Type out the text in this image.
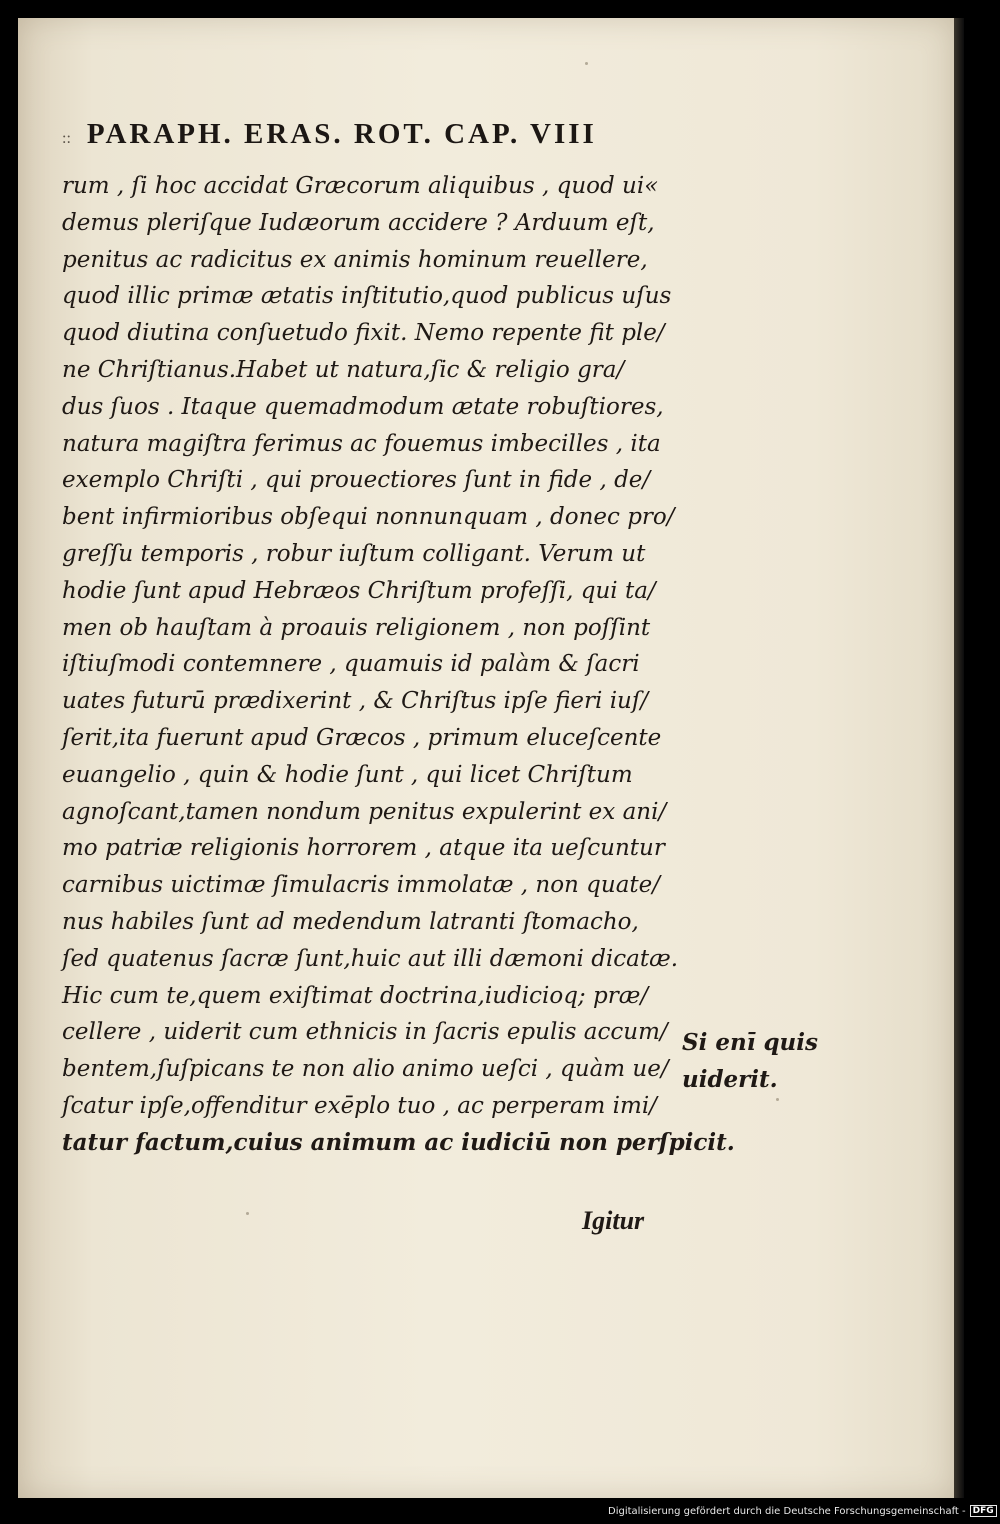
:: PARAPH. ERAS. ROT. CAP. VIII
rum , ſi hoc accidat Græcorum aliquibus , quod ui«
demus pleriſque Iudæorum accidere ? Arduum eſt,
penitus ac radicitus ex animis hominum reuellere,
quod illic primæ ætatis inſtitutio,quod publicus uſus
quod diutina conſuetudo fixit. Nemo repente fit ple/
ne Chriſtianus.Habet ut natura,ſic & religio gra/
dus ſuos . Itaque quemadmodum ætate robuſtiores,
natura magiſtra ferimus ac fouemus imbecilles , ita
exemplo Chriſti , qui prouectiores ſunt in fide , de/
bent infirmioribus obſequi nonnunquam , donec pro/
greſſu temporis , robur iuſtum colligant. Verum ut
hodie ſunt apud Hebræos Chriſtum profeſſi, qui ta/
men ob hauſtam à proauis religionem , non poſſint
iſtiuſmodi contemnere , quamuis id palàm & ſacri
uates futurū prædixerint , & Chriſtus ipſe fieri iuſ/
ſerit,ita fuerunt apud Græcos , primum eluceſcente
euangelio , quin & hodie ſunt , qui licet Chriſtum
agnoſcant,tamen nondum penitus expulerint ex ani/
mo patriæ religionis horrorem , atque ita ueſcuntur
carnibus uictimæ ſimulacris immolatæ , non quate/
nus habiles ſunt ad medendum latranti ſtomacho,
ſed quatenus ſacræ ſunt,huic aut illi dæmoni dicatæ.
Hic cum te,quem exiſtimat doctrina,iudicioq; præ/
cellere , uiderit cum ethnicis in ſacris epulis accum/
bentem,ſuſpicans te non alio animo ueſci , quàm ue/
ſcatur ipſe,offenditur exēplo tuo , ac perperam imi/
tatur factum,cuius animum ac iudiciū non perſpicit.
Si enī quis
uiderit.
Igitur
Digitalisierung gefördert durch die Deutsche Forschungsgemeinschaft - DFG
